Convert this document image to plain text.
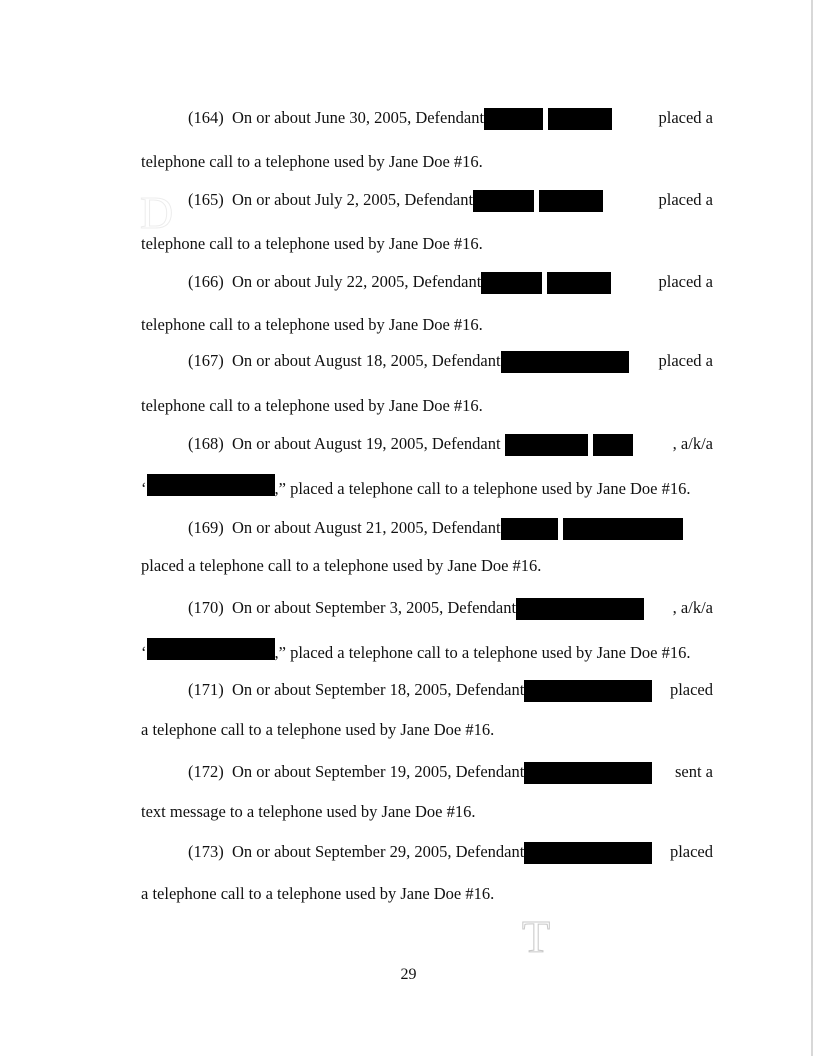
D
T
(164)
On or about June 30, 2005, Defendant	placed a
telephone call to a telephone used by Jane Doe #16.
(165)
On or about July 2, 2005, Defendant	placed a
telephone call to a telephone used by Jane Doe #16.
(166)
On or about July 22, 2005, Defendant	placed a
telephone call to a telephone used by Jane Doe #16.
(167)
On or about August 18, 2005, Defendant	placed a
telephone call to a telephone used by Jane Doe #16.
(168)
On or about August 19, 2005, Defendant
	, a/k/a
‘	,” placed a telephone call to a telephone used by Jane Doe #16.
(169)
On or about August 21, 2005, Defendant
placed a telephone call to a telephone used by Jane Doe #16.
(170)
On or about September 3, 2005, Defendant	, a/k/a
‘	,” placed a telephone call to a telephone used by Jane Doe #16.
(171)
On or about September 18, 2005, Defendant	placed
a telephone call to a telephone used by Jane Doe #16.
(172)
On or about September 19, 2005, Defendant	sent a
text message to a telephone used by Jane Doe #16.
(173)
On or about September 29, 2005, Defendant	placed
a telephone call to a telephone used by Jane Doe #16.
29
